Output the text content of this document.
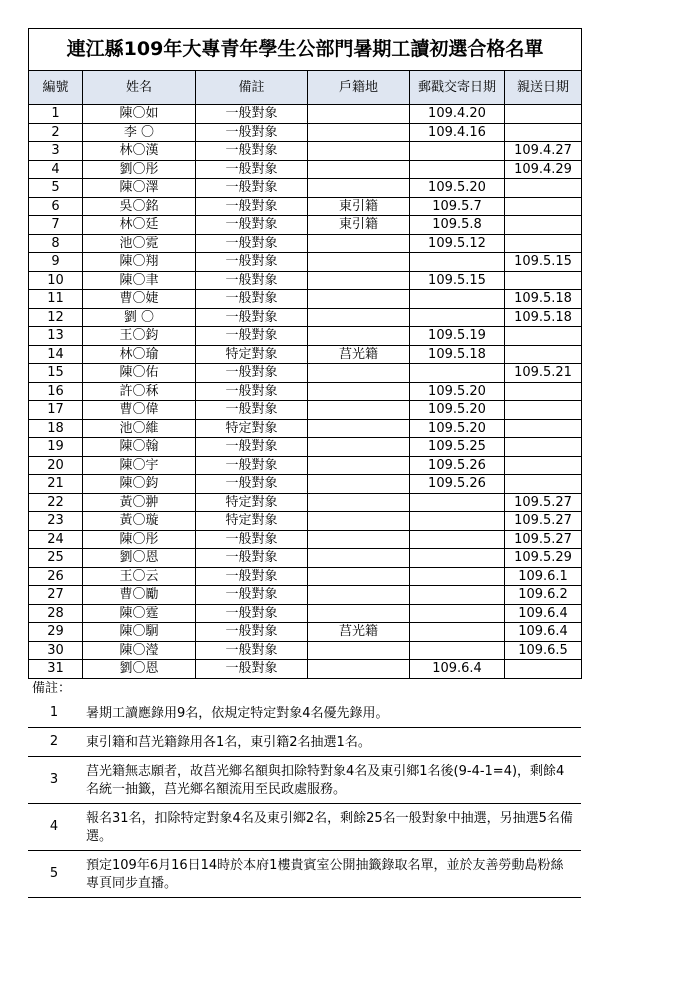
連江縣109年大專青年學生公部門暑期工讀初選合格名單					
編號	姓名	備註	戶籍地	郵戳交寄日期	親送日期
1	陳〇如	一般對象		109.4.20	
2	李 〇	一般對象		109.4.16	
3	林〇漢	一般對象			109.4.27
4	劉〇彤	一般對象			109.4.29
5	陳〇澤	一般對象		109.5.20	
6	吳〇銘	一般對象	東引籍	109.5.7	
7	林〇廷	一般對象	東引籍	109.5.8	
8	池〇霓	一般對象		109.5.12	
9	陳〇翔	一般對象			109.5.15
10	陳〇聿	一般對象		109.5.15	
11	曹〇婕	一般對象			109.5.18
12	劉 〇	一般對象			109.5.18
13	王〇鈞	一般對象		109.5.19	
14	林〇瑜	特定對象	莒光籍	109.5.18	
15	陳〇佑	一般對象			109.5.21
16	許〇秝	一般對象		109.5.20	
17	曹〇偉	一般對象		109.5.20	
18	池〇維	特定對象		109.5.20	
19	陳〇翰	一般對象		109.5.25	
20	陳〇宇	一般對象		109.5.26	
21	陳〇鈞	一般對象		109.5.26	
22	黃〇翀	特定對象			109.5.27
23	黃〇璇	特定對象			109.5.27
24	陳〇彤	一般對象			109.5.27
25	劉〇恩	一般對象			109.5.29
26	王〇云	一般對象			109.6.1
27	曹〇勵	一般對象			109.6.2
28	陳〇霆	一般對象			109.6.4
29	陳〇駉	一般對象	莒光籍		109.6.4
30	陳〇瀅	一般對象			109.6.5
31	劉〇恩	一般對象		109.6.4	
備註：
1	暑期工讀應錄用9名，依規定特定對象4名優先錄用。
2	東引籍和莒光籍錄用各1名，東引籍2名抽選1名。
3
莒光籍無志願者，故莒光鄉名額與扣除特對象4名及東引鄉1名後(9-4-1=4)，剩餘4名統一抽籤，莒光鄉名額流用至民政處服務。
4
報名31名，扣除特定對象4名及東引鄉2名，剩餘25名一般對象中抽選，另抽選5名備選。
5
預定109年6月16日14時於本府1樓貴賓室公開抽籤錄取名單，並於友善勞動島粉絲專頁同步直播。
